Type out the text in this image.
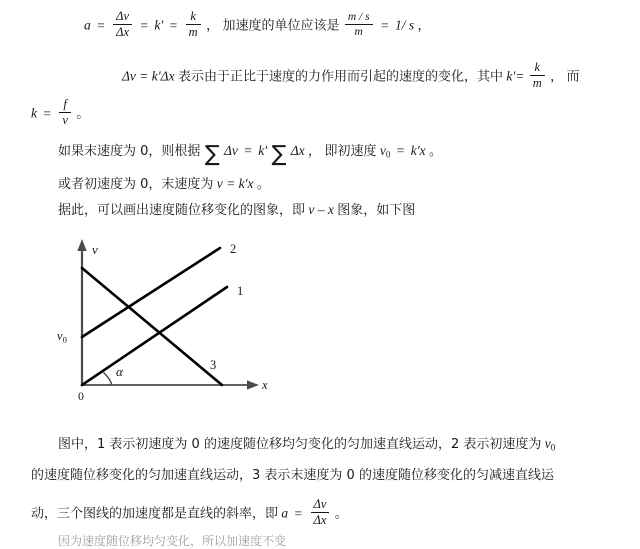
$a = \frac{\Delta v}{\Delta x} = k' = \frac{k}{m}$ ， 加速度的单位应该是 $\frac{m / s}{m} = 1/$ s ，
Δv = k'Δx 表示由于正比于速度的力作用而引起的速度的变化，其中 $k'= \frac{k}{m}$ ， 而
$k = \frac{f}{v}$ 。
如果末速度为 0，则根据 ∑ Δv = k' ∑ Δx ， 即初速度 $v_0 = k'x$ 。
或者初速度为 0，末速度为 v = k'x 。
据此，可以画出速度随位移变化的图象，即 v – x 图象，如下图
v
x
$v_0$
0
α
2
1
3
图中，1 表示初速度为 0 的速度随位移均匀变化的匀加速直线运动，2 表示初速度为 $v_0$
的速度随位移变化的匀加速直线运动，3 表示末速度为 0 的速度随位移变化的匀减速直线运
动，三个图线的加速度都是直线的斜率，即 $a = \frac{\Delta v}{\Delta x}$ 。
因为速度随位移均匀变化，所以加速度不变
